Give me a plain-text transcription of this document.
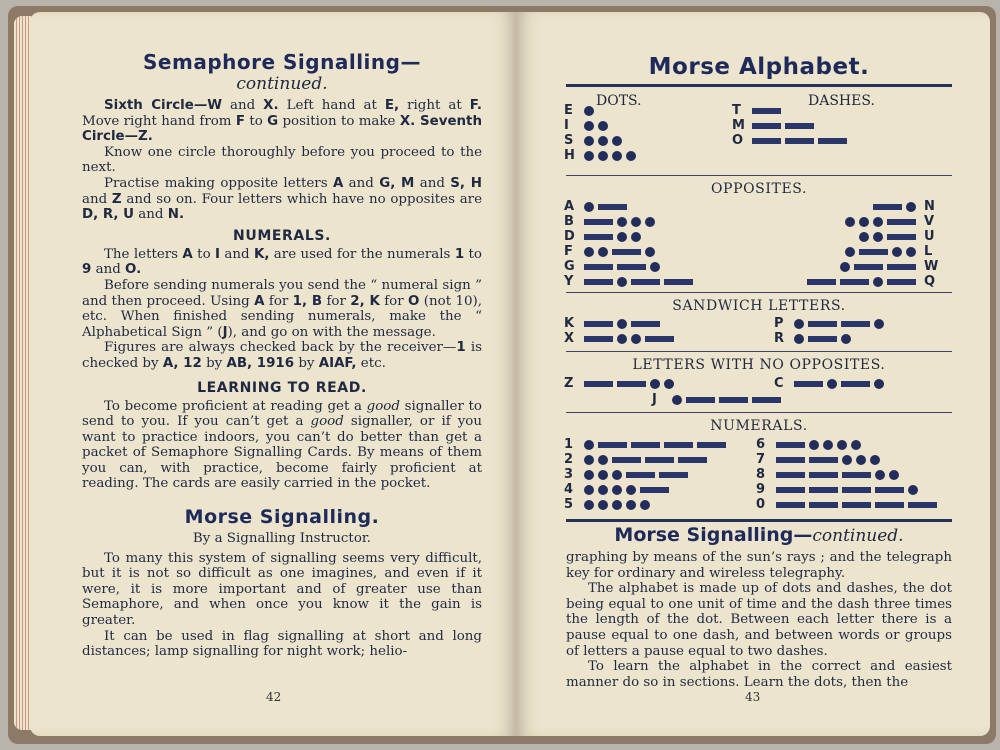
Semaphore Signalling—
continued.

Sixth Circle—W and X. Left hand at E, right at F. Move right hand from F to G position to make X. Seventh Circle—Z.

Know one circle thoroughly before you proceed to the next.

Practise making opposite letters A and G, M and S, H and Z and so on. Four letters which have no opposites are D, R, U and N.

NUMERALS.

The letters A to I and K, are used for the numerals 1 to 9 and O.

Before sending numerals you send the “ numeral sign ” and then proceed. Using A for 1, B for 2, K for O (not 10), etc. When finished sending numerals, make the “ Alphabetical Sign ” (J), and go on with the message.

Figures are always checked back by the receiver—1 is checked by A, 12 by AB, 1916 by AIAF, etc.

LEARNING TO READ.

To become proficient at reading get a good signaller to send to you. If you can’t get a good signaller, or if you want to practice indoors, you can’t do better than get a packet of Semaphore Signalling Cards. By means of them you can, with practice, become fairly proficient at reading. The cards are easily carried in the pocket.

Morse Signalling.

By a Signalling Instructor.

To many this system of signalling seems very difficult, but it is not so difficult as one imagines, and even if it were, it is more important and of greater use than Semaphore, and when once you know it the gain is greater.

It can be used in flag signalling at short and long distances; lamp signalling for night work; helio-

42
Morse Alphabet.
DOTS.	DASHES.
OPPOSITES.
SANDWICH LETTERS.
LETTERS WITH NO OPPOSITES.
NUMERALS.
E
I
S
H
T
M
O
A
B
D
F
G
Y
N
V
U
L
W
Q
K
X
P
R
Z	C
J
1
2
3
4
5
6
7
8
9
0
Morse Signalling—continued.

graphing by means of the sun’s rays ; and the telegraph key for ordinary and wireless telegraphy.

The alphabet is made up of dots and dashes, the dot being equal to one unit of time and the dash three times the length of the dot. Between each letter there is a pause equal to one dash, and between words or groups of letters a pause equal to two dashes.

To learn the alphabet in the correct and easiest manner do so in sections. Learn the dots, then the

43
